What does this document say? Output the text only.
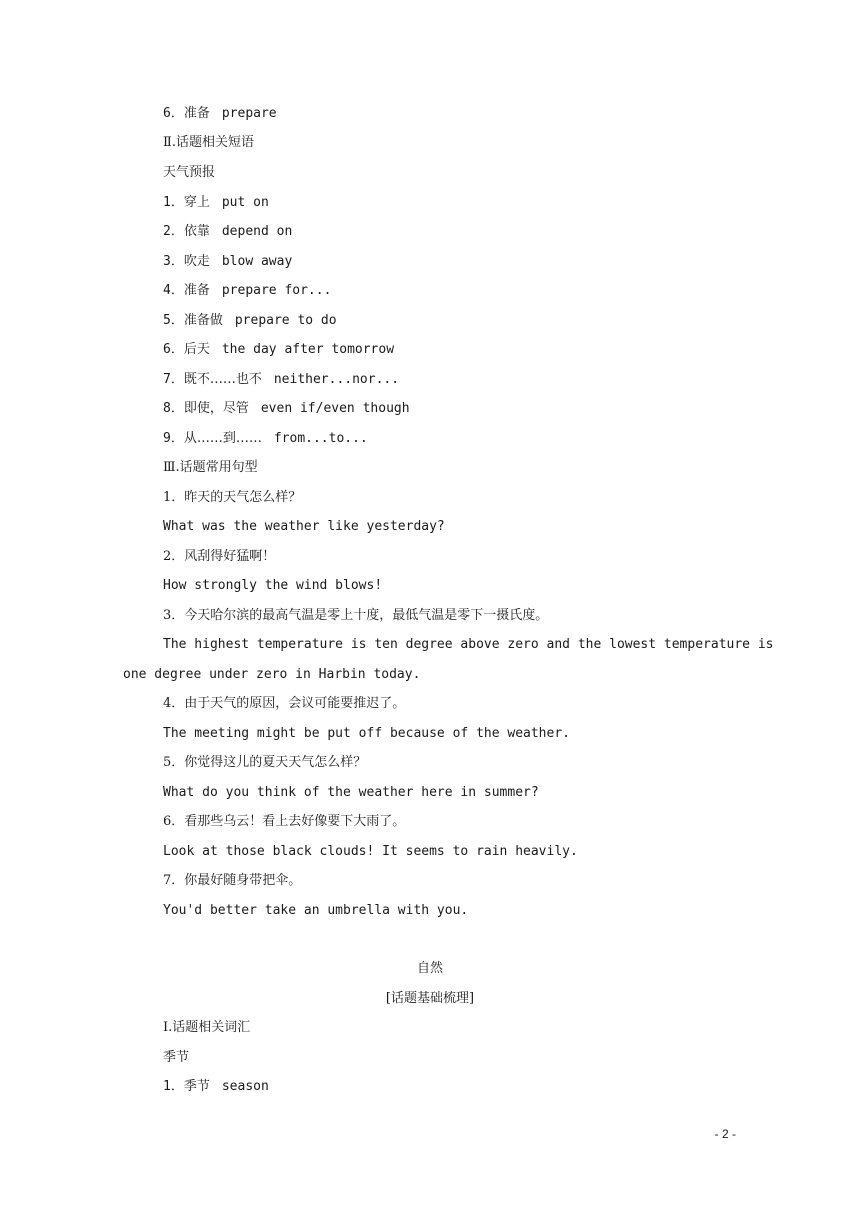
6．准备 prepare
Ⅱ.话题相关短语
天气预报
1．穿上 put on
2．依靠 depend on
3．吹走 blow away
4．准备 prepare for...
5．准备做 prepare to do
6．后天 the day after tomorrow
7．既不……也不 neither...nor...
8．即使，尽管 even if/even though
9．从……到…… from...to...
Ⅲ.话题常用句型
1．昨天的天气怎么样？
What was the weather like yesterday?
2．风刮得好猛啊！
How strongly the wind blows!
3．今天哈尔滨的最高气温是零上十度，最低气温是零下一摄氏度。
The highest temperature is ten degree above zero and the lowest temperature is
one degree under zero in Harbin today.
4．由于天气的原因，会议可能要推迟了。
The meeting might be put off because of the weather.
5．你觉得这儿的夏天天气怎么样？
What do you think of the weather here in summer?
6．看那些乌云！看上去好像要下大雨了。
Look at those black clouds! It seems to rain heavily.
7．你最好随身带把伞。
You'd better take an umbrella with you.
自然
[话题基础梳理]
Ⅰ.话题相关词汇
季节
1．季节 season
- 2 -
